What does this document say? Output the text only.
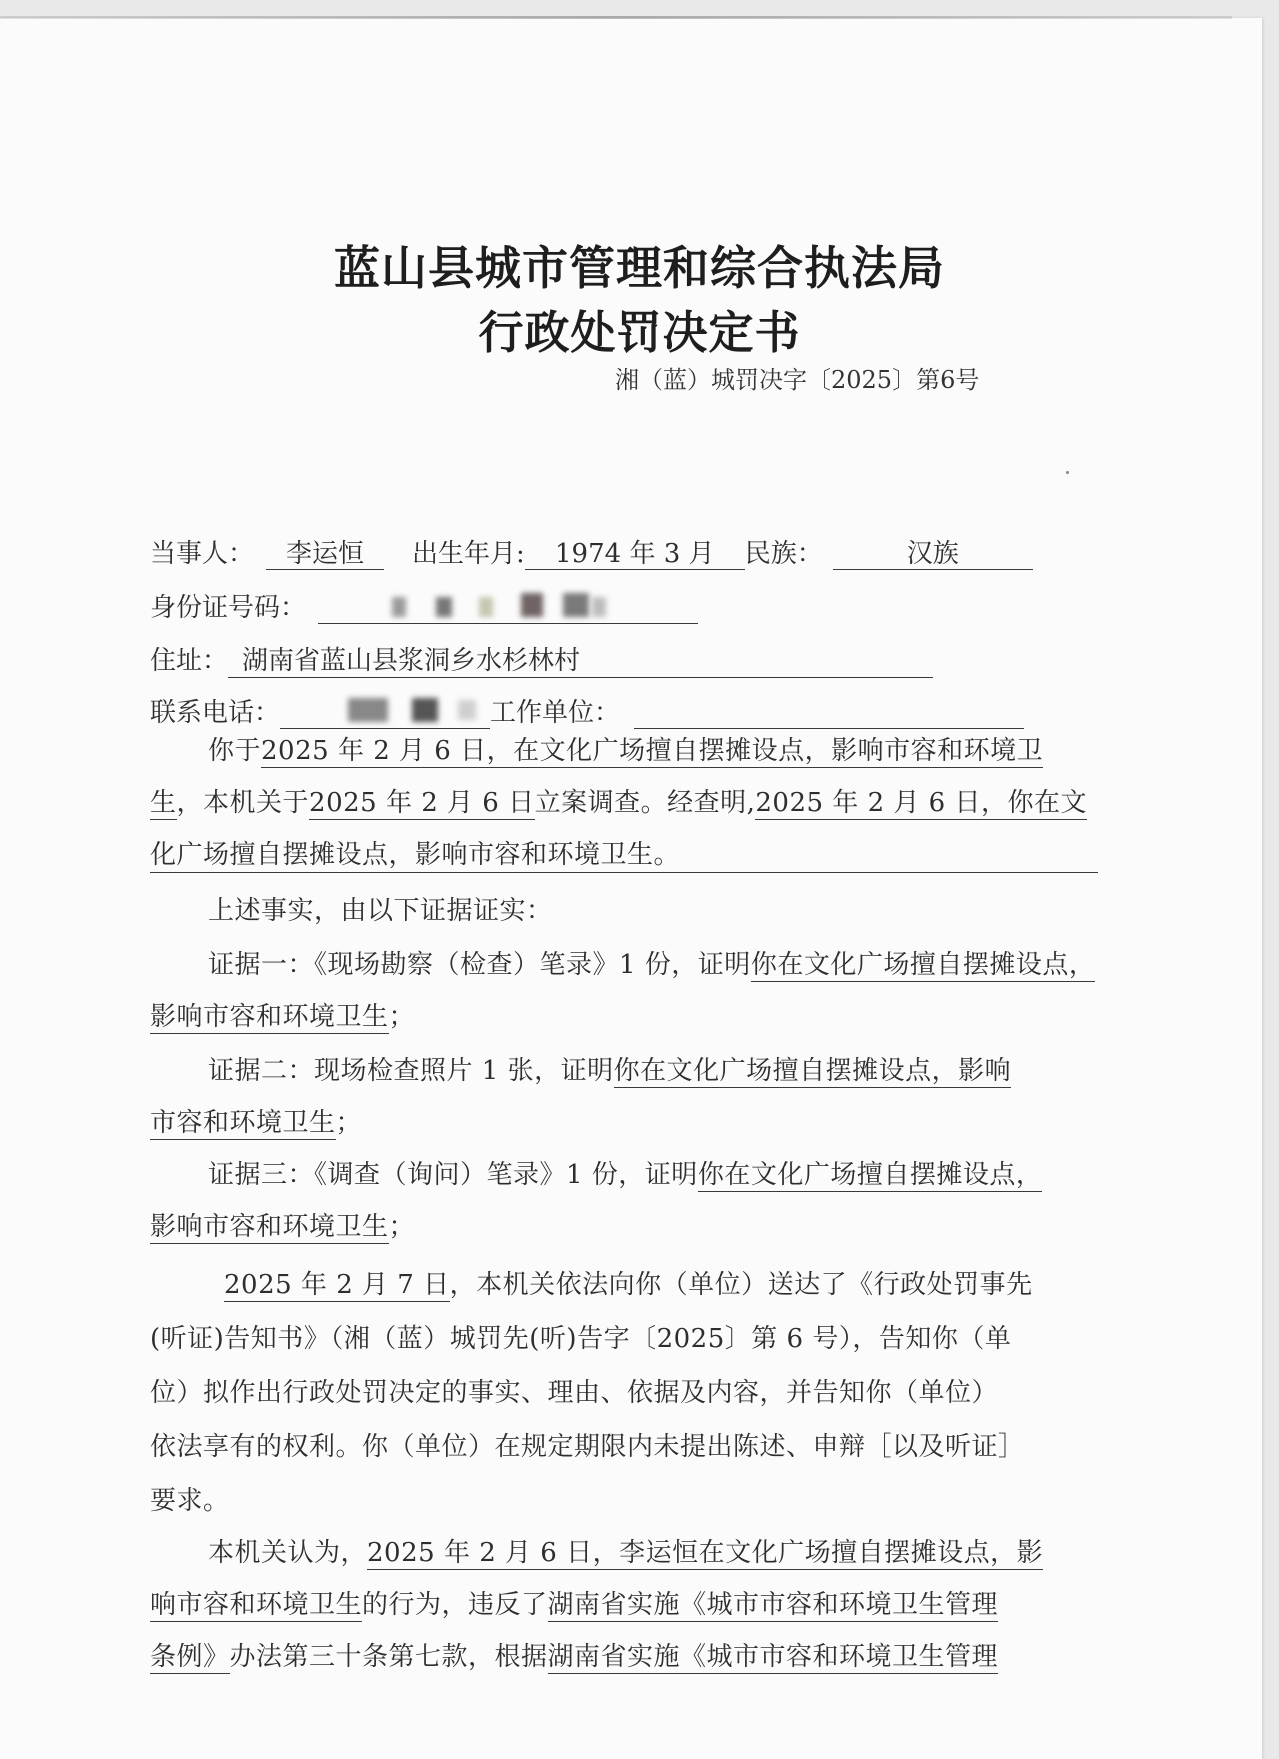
蓝山县城市管理和综合执法局
行政处罚决定书
湘（蓝）城罚决字〔2025〕第6号
当事人： 李运恒 出生年月: 1974 年 3 月 民族：	汉族
身份证号码：
住址： 湖南省蓝山县浆洞乡水杉林村
联系电话：	工作单位：
你于2025 年 2 月 6 日，在文化广场擅自摆摊设点，影响市容和环境卫
生，本机关于2025 年 2 月 6 日立案调查。经查明,2025 年 2 月 6 日，你在文
化广场擅自摆摊设点，影响市容和环境卫生。
上述事实，由以下证据证实：
证据一：《现场勘察（检查）笔录》1 份，证明你在文化广场擅自摆摊设点，
影响市容和环境卫生；
证据二：现场检查照片 1 张，证明你在文化广场擅自摆摊设点，影响
市容和环境卫生；
证据三：《调查（询问）笔录》1 份，证明你在文化广场擅自摆摊设点，
影响市容和环境卫生；
2025 年 2 月 7 日，本机关依法向你（单位）送达了《行政处罚事先
(听证)告知书》（湘（蓝）城罚先(听)告字〔2025〕第 6 号），告知你（单
位）拟作出行政处罚决定的事实、理由、依据及内容，并告知你（单位）
依法享有的权利。你（单位）在规定期限内未提出陈述、申辩［以及听证］
要求。
本机关认为，2025 年 2 月 6 日，李运恒在文化广场擅自摆摊设点，影
响市容和环境卫生的行为，违反了湖南省实施《城市市容和环境卫生管理
条例》办法第三十条第七款，根据湖南省实施《城市市容和环境卫生管理
